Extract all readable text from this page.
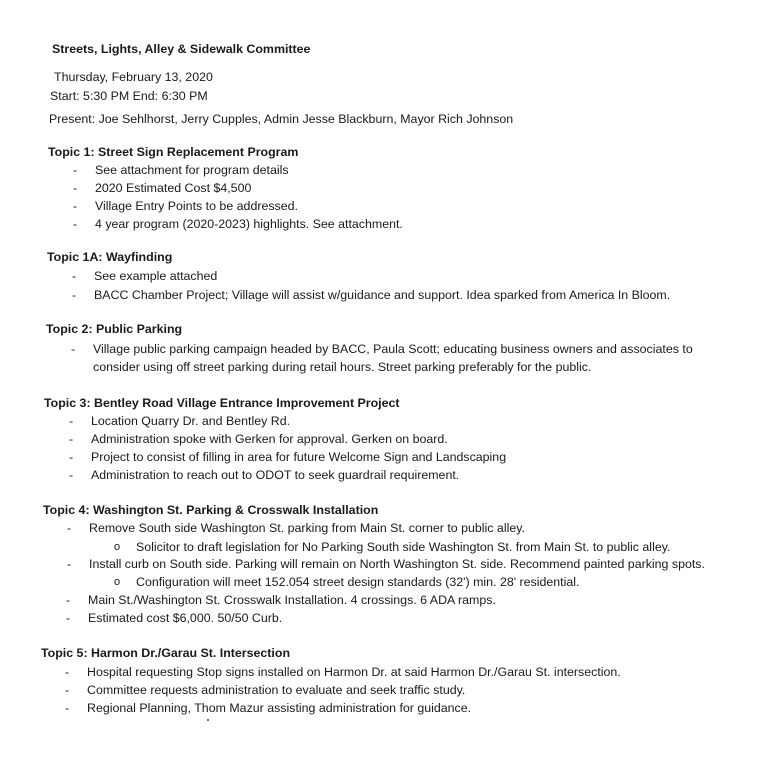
Streets, Lights, Alley & Sidewalk Committee
Thursday, February 13, 2020
Start: 5:30 PM End: 6:30 PM
Present: Joe Sehlhorst, Jerry Cupples, Admin Jesse Blackburn, Mayor Rich Johnson
Topic 1: Street Sign Replacement Program
- See attachment for program details
- 2020 Estimated Cost $4,500
- Village Entry Points to be addressed.
- 4 year program (2020-2023) highlights. See attachment.
Topic 1A: Wayfinding
- See example attached
- BACC Chamber Project; Village will assist w/guidance and support. Idea sparked from America In Bloom.
Topic 2: Public Parking
- Village public parking campaign headed by BACC, Paula Scott; educating business owners and associates to
consider using off street parking during retail hours. Street parking preferably for the public.
Topic 3: Bentley Road Village Entrance Improvement Project
- Location Quarry Dr. and Bentley Rd.
- Administration spoke with Gerken for approval. Gerken on board.
- Project to consist of filling in area for future Welcome Sign and Landscaping
- Administration to reach out to ODOT to seek guardrail requirement.
Topic 4: Washington St. Parking & Crosswalk Installation
- Remove South side Washington St. parking from Main St. corner to public alley.
o Solicitor to draft legislation for No Parking South side Washington St. from Main St. to public alley.
- Install curb on South side. Parking will remain on North Washington St. side. Recommend painted parking spots.
o Configuration will meet 152.054 street design standards (32') min. 28' residential.
- Main St./Washington St. Crosswalk Installation. 4 crossings. 6 ADA ramps.
- Estimated cost $6,000. 50/50 Curb.
Topic 5: Harmon Dr./Garau St. Intersection
- Hospital requesting Stop signs installed on Harmon Dr. at said Harmon Dr./Garau St. intersection.
- Committee requests administration to evaluate and seek traffic study.
- Regional Planning, Thom Mazur assisting administration for guidance.
